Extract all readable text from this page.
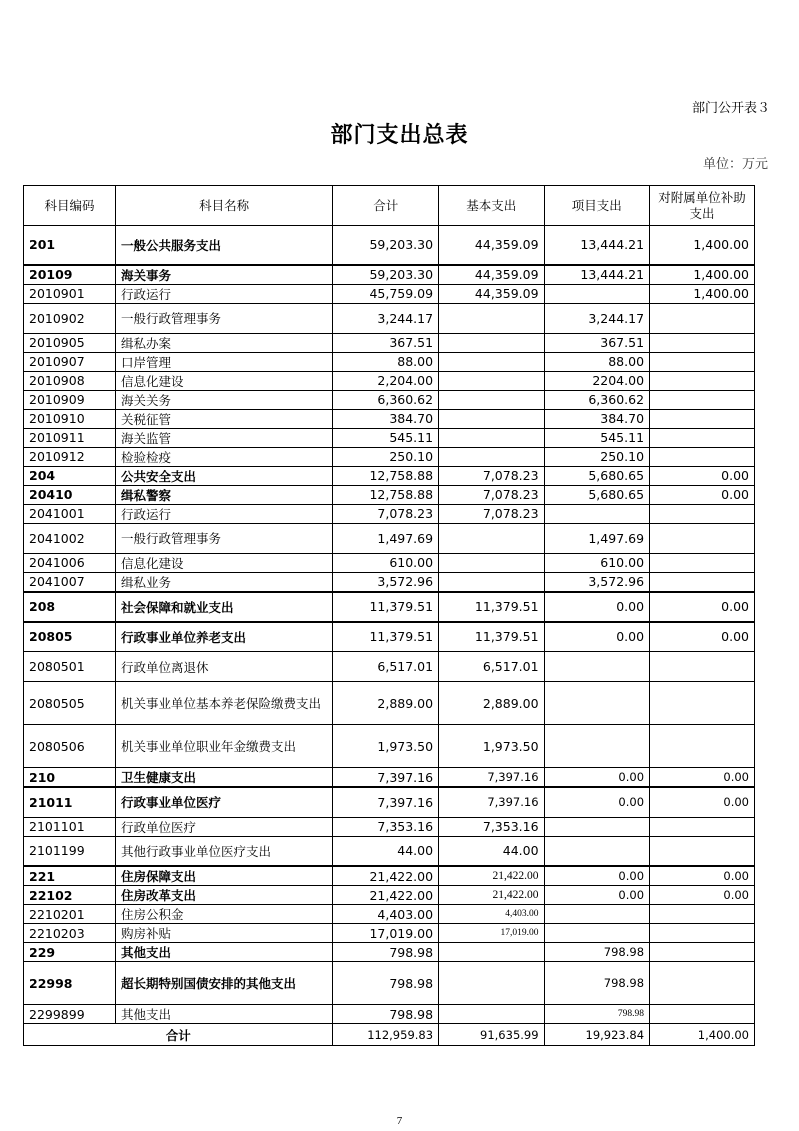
部门公开表３
部门支出总表
单位：万元
科目编码	科目名称	合计	基本支出	项目支出	对附属单位补助支出
201	一般公共服务支出	59,203.30	44,359.09	13,444.21	1,400.00
20109	海关事务	59,203.30	44,359.09	13,444.21	1,400.00
2010901	行政运行	45,759.09	44,359.09		1,400.00
2010902	一般行政管理事务	3,244.17		3,244.17	
2010905	缉私办案	367.51		367.51	
2010907	口岸管理	88.00		88.00	
2010908	信息化建设	2,204.00		2204.00	
2010909	海关关务	6,360.62		6,360.62	
2010910	关税征管	384.70		384.70	
2010911	海关监管	545.11		545.11	
2010912	检验检疫	250.10		250.10	
204	公共安全支出	12,758.88	7,078.23	5,680.65	0.00
20410	缉私警察	12,758.88	7,078.23	5,680.65	0.00
2041001	行政运行	7,078.23	7,078.23		
2041002	一般行政管理事务	1,497.69		1,497.69	
2041006	信息化建设	610.00		610.00	
2041007	缉私业务	3,572.96		3,572.96	
208	社会保障和就业支出	11,379.51	11,379.51	0.00	0.00
20805	行政事业单位养老支出	11,379.51	11,379.51	0.00	0.00
2080501	行政单位离退休	6,517.01	6,517.01		
2080505	机关事业单位基本养老保险缴费支出	2,889.00	2,889.00		
2080506	机关事业单位职业年金缴费支出	1,973.50	1,973.50		
210	卫生健康支出	7,397.16	7,397.16	0.00	0.00
21011	行政事业单位医疗	7,397.16	7,397.16	0.00	0.00
2101101	行政单位医疗	7,353.16	7,353.16		
2101199	其他行政事业单位医疗支出	44.00	44.00		
221	住房保障支出	21,422.00	21,422.00	0.00	0.00
22102	住房改革支出	21,422.00	21,422.00	0.00	0.00
2210201	住房公积金	4,403.00	4,403.00		
2210203	购房补贴	17,019.00	17,019.00		
229	其他支出	798.98		798.98	
22998	超长期特别国债安排的其他支出	798.98		798.98	
2299899	其他支出	798.98		798.98	
合计		112,959.83	91,635.99	19,923.84	1,400.00
7
